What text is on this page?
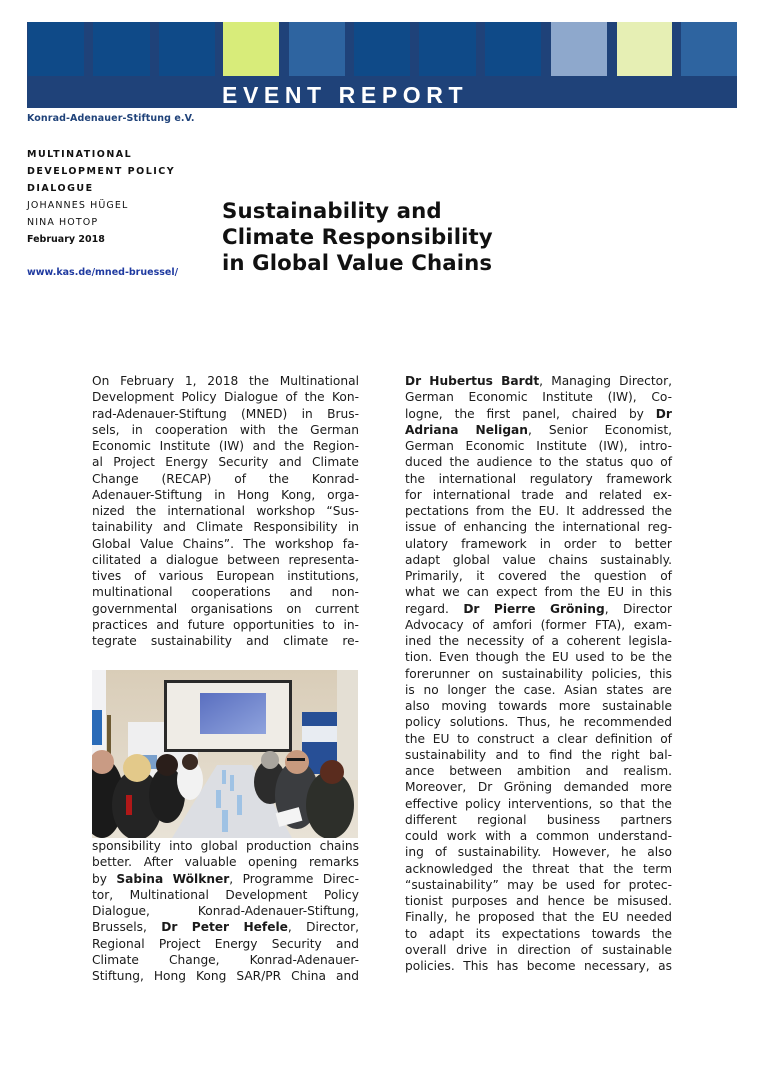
EVENT REPORT
Konrad-Adenauer-Stiftung e.V.
MULTINATIONAL
DEVELOPMENT POLICY
DIALOGUE
JOHANNES HÜGEL
NINA HOTOP
February 2018
www.kas.de/mned-bruessel/
Sustainability and
Climate Responsibility
in Global Value Chains
On February 1, 2018 the Multinational
Development Policy Dialogue of the Kon-
rad-Adenauer-Stiftung (MNED) in Brus-
sels, in cooperation with the German
Economic Institute (IW) and the Region-
al Project Energy Security and Climate
Change (RECAP) of the Konrad-
Adenauer-Stiftung in Hong Kong, orga-
nized the international workshop “Sus-
tainability and Climate Responsibility in
Global Value Chains”. The workshop fa-
cilitated a dialogue between representa-
tives of various European institutions,
multinational cooperations and non-
governmental organisations on current
practices and future opportunities to in-
tegrate sustainability and climate re-
sponsibility into global production chains
better. After valuable opening remarks
by Sabina Wölkner, Programme Direc-
tor, Multinational Development Policy
Dialogue,	Konrad-Adenauer-Stiftung,
Brussels, Dr Peter Hefele, Director,
Regional Project Energy Security and
Climate Change, Konrad-Adenauer-
Stiftung, Hong Kong SAR/PR China and
Dr Hubertus Bardt, Managing Director,
German Economic Institute (IW), Co-
logne, the first panel, chaired by Dr
Adriana Neligan, Senior Economist,
German Economic Institute (IW), intro-
duced the audience to the status quo of
the international regulatory framework
for international trade and related ex-
pectations from the EU. It addressed the
issue of enhancing the international reg-
ulatory framework in order to better
adapt global value chains sustainably.
Primarily, it covered the question of
what we can expect from the EU in this
regard. Dr Pierre Gröning, Director
Advocacy of amfori (former FTA), exam-
ined the necessity of a coherent legisla-
tion. Even though the EU used to be the
forerunner on sustainability policies, this
is no longer the case. Asian states are
also moving towards more sustainable
policy solutions. Thus, he recommended
the EU to construct a clear definition of
sustainability and to find the right bal-
ance between ambition and realism.
Moreover, Dr Gröning demanded more
effective policy interventions, so that the
different regional business partners
could work with a common understand-
ing of sustainability. However, he also
acknowledged the threat that the term
“sustainability” may be used for protec-
tionist purposes and hence be misused.
Finally, he proposed that the EU needed
to adapt its expectations towards the
overall drive in direction of sustainable
policies. This has become necessary, as
